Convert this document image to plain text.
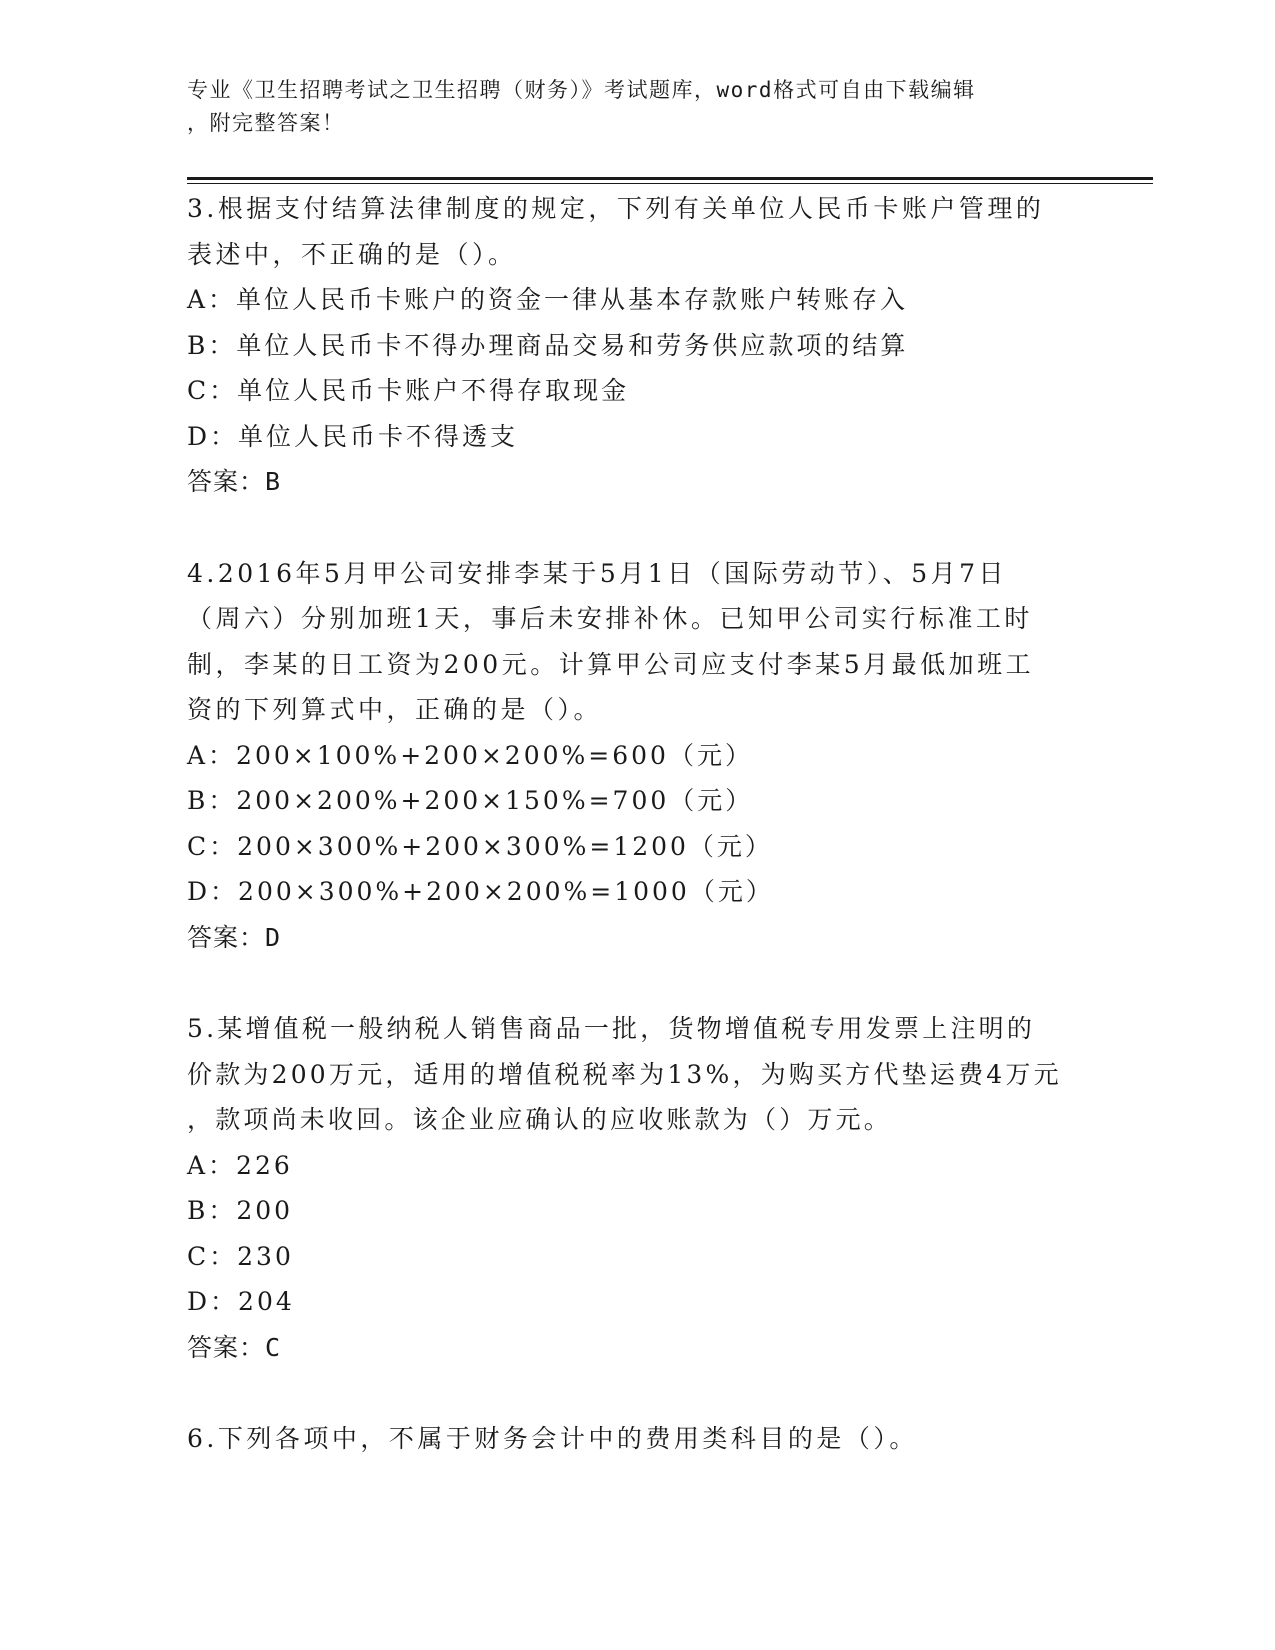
专业《卫生招聘考试之卫生招聘（财务）》考试题库，word格式可自由下载编辑
，附完整答案！

3.根据支付结算法律制度的规定，下列有关单位人民币卡账户管理的

表述中，不正确的是（）。

A：单位人民币卡账户的资金一律从基本存款账户转账存入

B：单位人民币卡不得办理商品交易和劳务供应款项的结算

C：单位人民币卡账户不得存取现金

D：单位人民币卡不得透支

答案：B

4.2016年5月甲公司安排李某于5月1日（国际劳动节）、5月7日

（周六）分别加班1天，事后未安排补休。已知甲公司实行标准工时

制，李某的日工资为200元。计算甲公司应支付李某5月最低加班工

资的下列算式中，正确的是（）。

A：200×100%+200×200%=600（元）

B：200×200%+200×150%=700（元）

C：200×300%+200×300%=1200（元）

D：200×300%+200×200%=1000（元）

答案：D

5.某增值税一般纳税人销售商品一批，货物增值税专用发票上注明的

价款为200万元，适用的增值税税率为13%，为购买方代垫运费4万元

，款项尚未收回。该企业应确认的应收账款为（）万元。

A：226

B：200

C：230

D：204

答案：C

6.下列各项中，不属于财务会计中的费用类科目的是（）。
